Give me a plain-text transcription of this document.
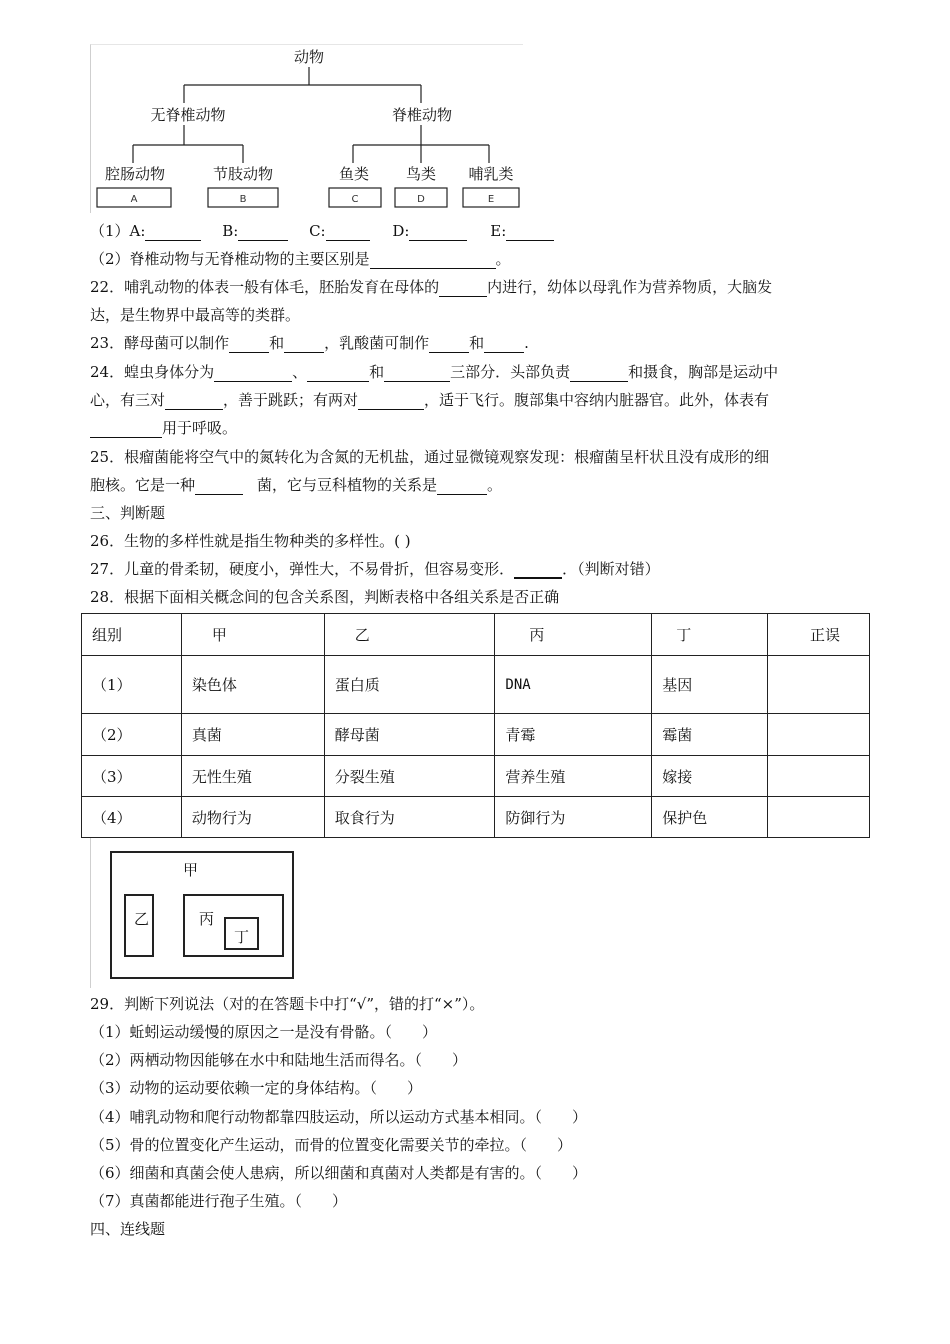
动物
无脊椎动物	脊椎动物
腔肠动物	节肢动物	鱼类 鸟类 哺乳类
A	B	C	D	E
（1）A:	B:	C:	D:	E:
（2）脊椎动物与无脊椎动物的主要区别是	。
22．哺乳动物的体表一般有体毛，胚胎发育在母体的	内进行，幼体以母乳作为营养物质，大脑发
达，是生物界中最高等的类群。
23．酵母菌可以制作	和	，乳酸菌可制作	和	.
24．蝗虫身体分为	、	和	三部分．头部负责	和摄食，胸部是运动中
心，有三对	，善于跳跃；有两对	，适于飞行。腹部集中容纳内脏器官。此外，体表有
用于呼吸。
25．根瘤菌能将空气中的氮转化为含氮的无机盐，通过显微镜观察发现：根瘤菌呈杆状且没有成形的细
胞核。它是一种	菌，它与豆科植物的关系是	。
三、判断题
26．生物的多样性就是指生物种类的多样性。( )
27．儿童的骨柔韧，硬度小，弹性大，不易骨折，但容易变形．	．（判断对错）
28．根据下面相关概念间的包含关系图，判断表格中各组关系是否正确
组别	甲	乙	丙	丁	正误
（1）	染色体	蛋白质	DNA	基因	
（2）	真菌	酵母菌	青霉	霉菌	
（3）	无性生殖	分裂生殖	营养生殖	嫁接	
（4）	动物行为	取食行为	防御行为	保护色	
甲
乙	丙
丁
29．判断下列说法（对的在答题卡中打“√”，错的打“×”）。
（1）蚯蚓运动缓慢的原因之一是没有骨骼。（　　）
（2）两栖动物因能够在水中和陆地生活而得名。（　　）
（3）动物的运动要依赖一定的身体结构。（　　）
（4）哺乳动物和爬行动物都靠四肢运动，所以运动方式基本相同。（　　）
（5）骨的位置变化产生运动，而骨的位置变化需要关节的牵拉。（　　）
（6）细菌和真菌会使人患病，所以细菌和真菌对人类都是有害的。（　　）
（7）真菌都能进行孢子生殖。（　　）
四、连线题
